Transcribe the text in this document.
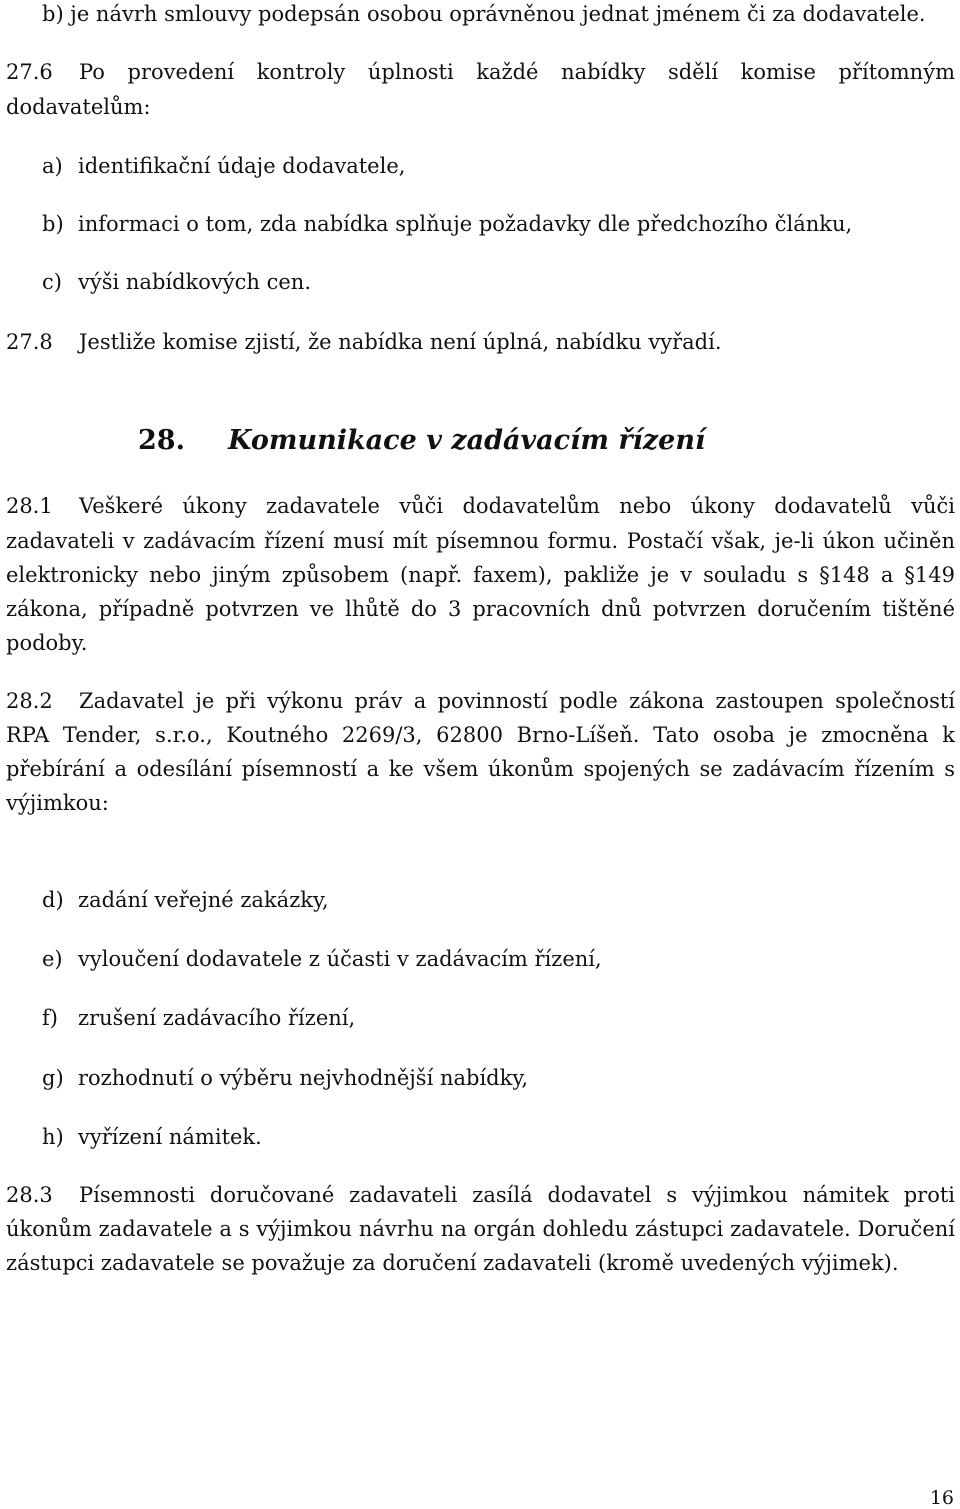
b) je návrh smlouvy podepsán osobou oprávněnou jednat jménem či za dodavatele.
27.6 Po provedení kontroly úplnosti každé nabídky sdělí komise přítomným
dodavatelům:
a) identifikační údaje dodavatele,
b) informaci o tom, zda nabídka splňuje požadavky dle předchozího článku,
c) výši nabídkových cen.
27.8 Jestliže komise zjistí, že nabídka není úplná, nabídku vyřadí.
28. Komunikace v zadávacím řízení
28.1 Veškeré úkony zadavatele vůči dodavatelům nebo úkony dodavatelů vůči
zadavateli v zadávacím řízení musí mít písemnou formu. Postačí však, je-li úkon učiněn
elektronicky nebo jiným způsobem (např. faxem), pakliže je v souladu s §148 a §149
zákona, případně potvrzen ve lhůtě do 3 pracovních dnů potvrzen doručením tištěné
podoby.
28.2 Zadavatel je při výkonu práv a povinností podle zákona zastoupen společností
RPA Tender, s.r.o., Koutného 2269/3, 62800 Brno-Líšeň. Tato osoba je zmocněna k
přebírání a odesílání písemností a ke všem úkonům spojených se zadávacím řízením s
výjimkou:
d) zadání veřejné zakázky,
e) vyloučení dodavatele z účasti v zadávacím řízení,
f) zrušení zadávacího řízení,
g) rozhodnutí o výběru nejvhodnější nabídky,
h) vyřízení námitek.
28.3 Písemnosti doručované zadavateli zasílá dodavatel s výjimkou námitek proti
úkonům zadavatele a s výjimkou návrhu na orgán dohledu zástupci zadavatele. Doručení
zástupci zadavatele se považuje za doručení zadavateli (kromě uvedených výjimek).
16
